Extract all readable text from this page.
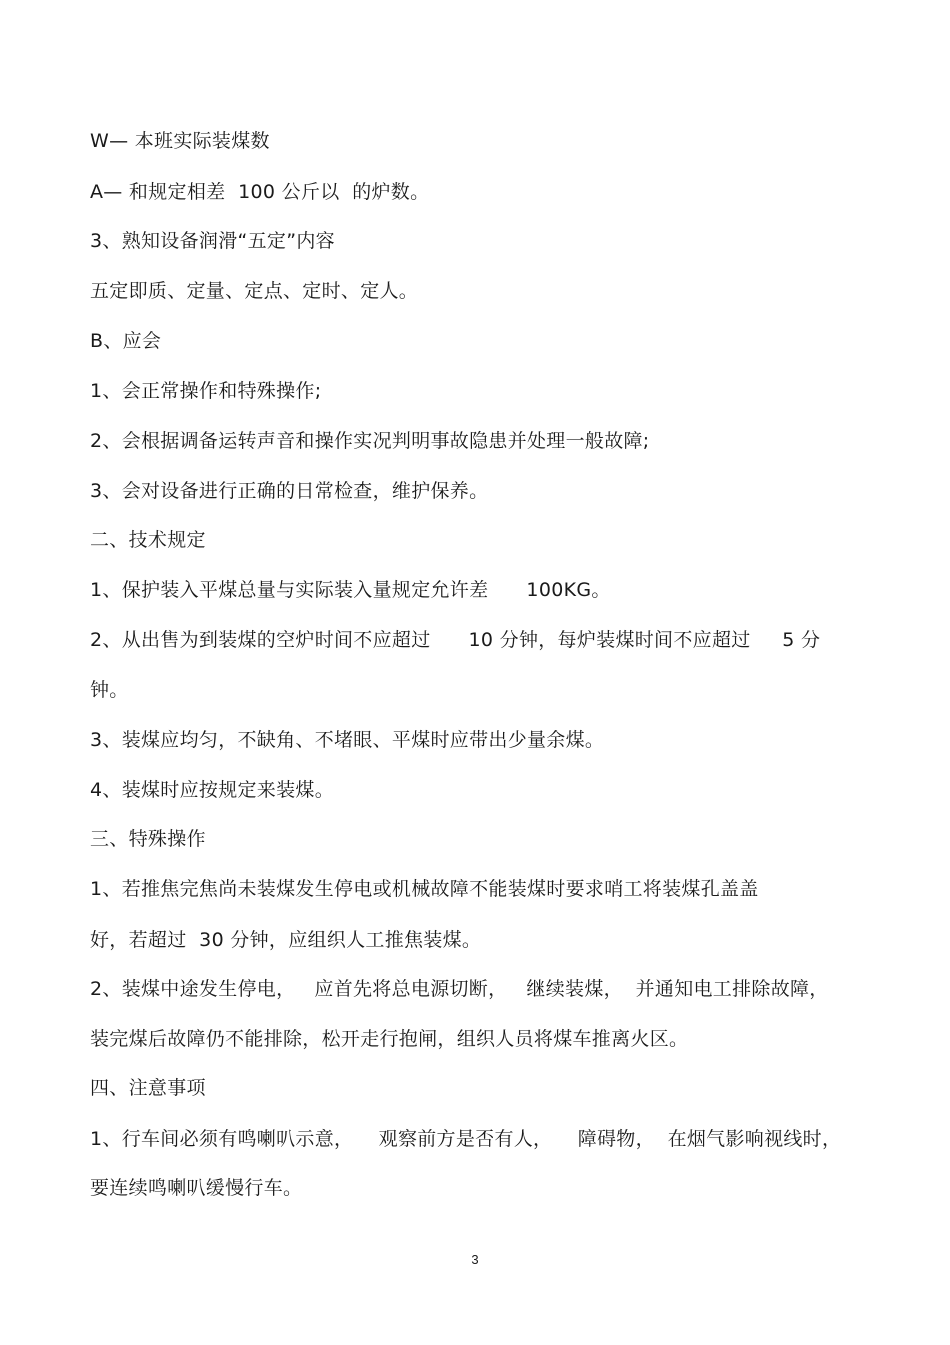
W— 本班实际装煤数
A— 和规定相差  100 公斤以  的炉数。
3、熟知设备润滑“五定”内容
五定即质、定量、定点、定时、定人。
B、应会
1、会正常操作和特殊操作;
2、会根据调备运转声音和操作实况判明事故隐患并处理一般故障;
3、会对设备进行正确的日常检查，维护保养。
二、技术规定
1、保护装入平煤总量与实际装入量规定允许差      100KG。
2、从出售为到装煤的空炉时间不应超过      10 分钟，每炉装煤时间不应超过     5 分
钟。
3、装煤应均匀，不缺角、不堵眼、平煤时应带出少量余煤。
4、装煤时应按规定来装煤。
三、特殊操作
1、若推焦完焦尚未装煤发生停电或机械故障不能装煤时要求哨工将装煤孔盖盖
好，若超过  30 分钟，应组织人工推焦装煤。
2、装煤中途发生停电，   应首先将总电源切断，   继续装煤，  并通知电工排除故障，
装完煤后故障仍不能排除，松开走行抱闸，组织人员将煤车推离火区。
四、注意事项
1、行车间必须有鸣喇叭示意，    观察前方是否有人，    障碍物，  在烟气影响视线时，
要连续鸣喇叭缓慢行车。
3
